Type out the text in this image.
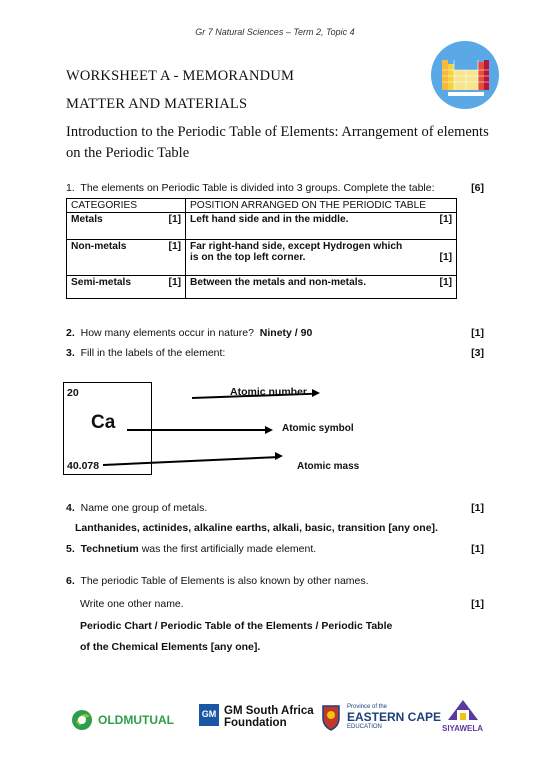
Gr 7 Natural Sciences – Term 2, Topic 4
WORKSHEET A - MEMORANDUM
MATTER AND MATERIALS
Introduction to the Periodic Table of Elements: Arrangement of elements on the Periodic Table
1. The elements on Periodic Table is divided into 3 groups. Complete the table:	[6]
CATEGORIES	POSITION ARRANGED ON THE PERIODIC TABLE

Metals [1]	Left hand side and in the middle. [1]

Non-metals [1]	Far right-hand side, except Hydrogen which is on the top left corner. [1]

Semi-metals [1]	Between the metals and non-metals. [1]
2. How many elements occur in nature? Ninety / 90	[1]
3. Fill in the labels of the element:	[3]
20
Ca
40.078
Atomic number
Atomic symbol
Atomic mass
4. Name one group of metals.	[1]
Lanthanides, actinides, alkaline earths, alkali, basic, transition [any one].
5. Technetium was the first artificially made element.	[1]
6. The periodic Table of Elements is also known by other names.
Write one other name.	[1]
Periodic Chart / Periodic Table of the Elements / Periodic Table
of the Chemical Elements [any one].
OLDMUTUAL	GM GM South Africa
Foundation
Province of the
EASTERN CAPE
EDUCATION	SIYAWELA
